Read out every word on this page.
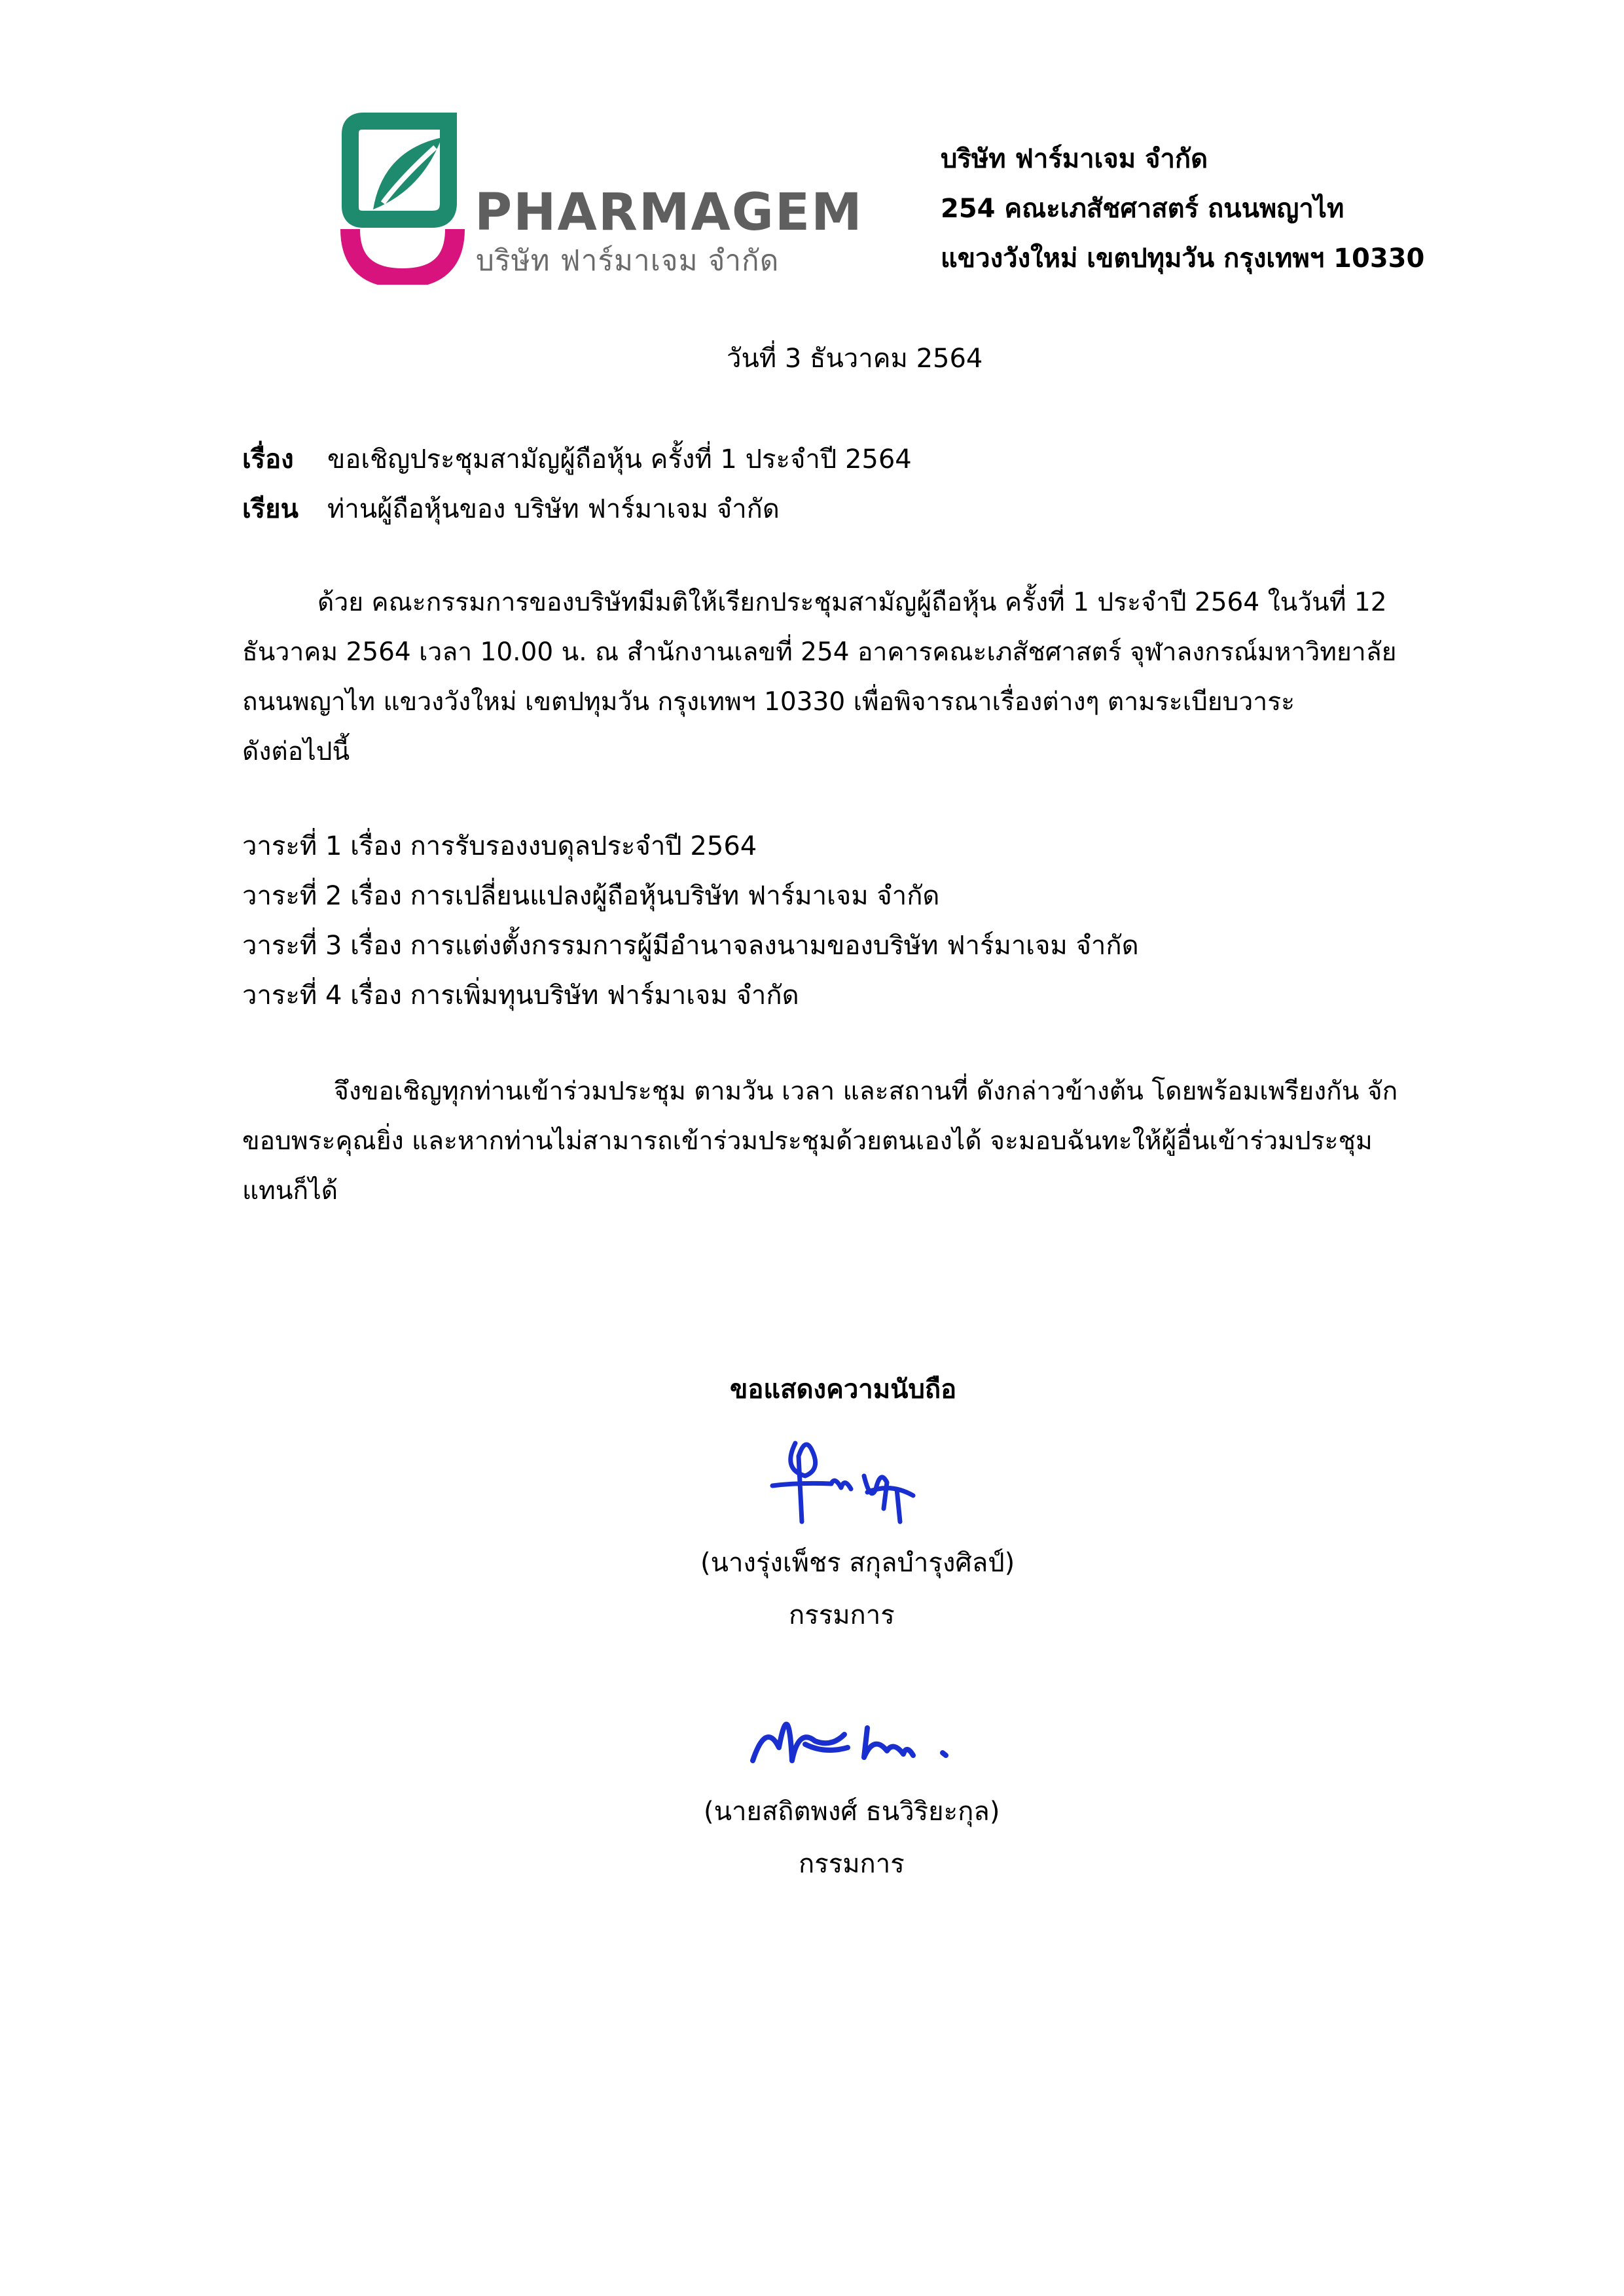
PHARMAGEM
บริษัท ฟาร์มาเจม จำกัด
บริษัท ฟาร์มาเจม จำกัด
254 คณะเภสัชศาสตร์ ถนนพญาไท
แขวงวังใหม่ เขตปทุมวัน กรุงเทพฯ 10330
วันที่ 3 ธันวาคม 2564
เรื่อง ขอเชิญประชุมสามัญผู้ถือหุ้น ครั้งที่ 1 ประจำปี 2564
เรียน ท่านผู้ถือหุ้นของ บริษัท ฟาร์มาเจม จำกัด
ด้วย คณะกรรมการของบริษัทมีมติให้เรียกประชุมสามัญผู้ถือหุ้น ครั้งที่ 1 ประจำปี 2564 ในวันที่ 12
ธันวาคม 2564 เวลา 10.00 น. ณ สำนักงานเลขที่ 254 อาคารคณะเภสัชศาสตร์ จุฬาลงกรณ์มหาวิทยาลัย
ถนนพญาไท แขวงวังใหม่ เขตปทุมวัน กรุงเทพฯ 10330 เพื่อพิจารณาเรื่องต่างๆ ตามระเบียบวาระ
ดังต่อไปนี้
วาระที่ 1 เรื่อง การรับรองงบดุลประจำปี 2564
วาระที่ 2 เรื่อง การเปลี่ยนแปลงผู้ถือหุ้นบริษัท ฟาร์มาเจม จำกัด
วาระที่ 3 เรื่อง การแต่งตั้งกรรมการผู้มีอำนาจลงนามของบริษัท ฟาร์มาเจม จำกัด
วาระที่ 4 เรื่อง การเพิ่มทุนบริษัท ฟาร์มาเจม จำกัด
จึงขอเชิญทุกท่านเข้าร่วมประชุม ตามวัน เวลา และสถานที่ ดังกล่าวข้างต้น โดยพร้อมเพรียงกัน จัก
ขอบพระคุณยิ่ง และหากท่านไม่สามารถเข้าร่วมประชุมด้วยตนเองได้ จะมอบฉันทะให้ผู้อื่นเข้าร่วมประชุม
แทนก็ได้
ขอแสดงความนับถือ
(นางรุ่งเพ็ชร สกุลบำรุงศิลป์)
กรรมการ
(นายสถิตพงศ์ ธนวิริยะกุล)
กรรมการ
